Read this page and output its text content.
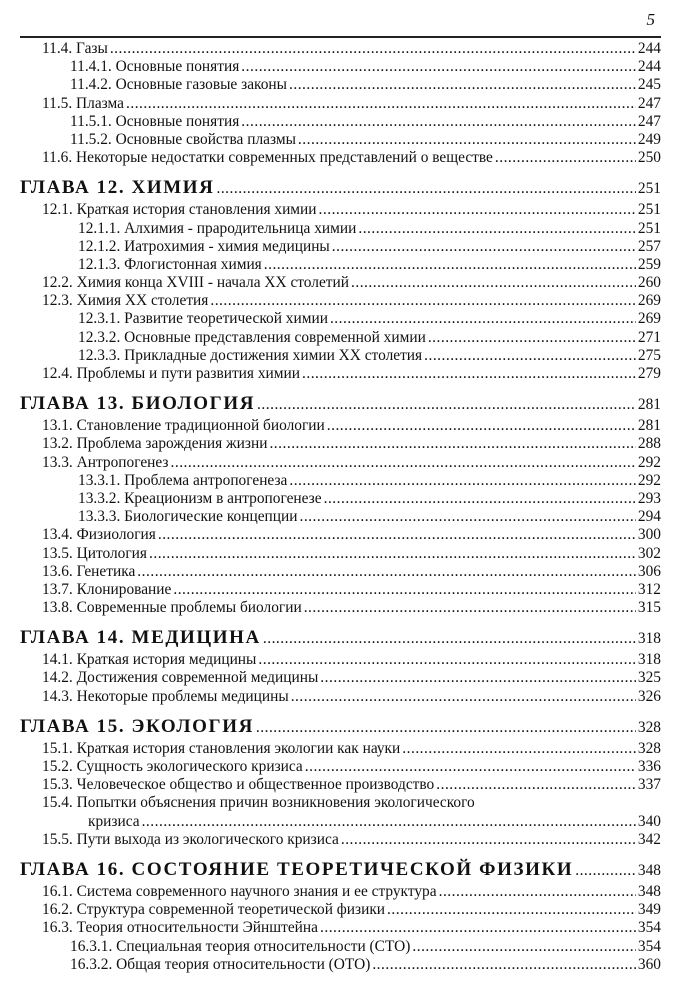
5
11.4. Газы .....	244
11.4.1. Основные понятия .....	244
11.4.2. Основные газовые законы .....	245
11.5. Плазма .....	247
11.5.1. Основные понятия .....	247
11.5.2. Основные свойства плазмы .....	249
11.6. Некоторые недостатки современных представлений о веществе .....	250
ГЛАВА 12. ХИМИЯ .....	251
12.1. Краткая история становления химии .....	251
12.1.1. Алхимия - прародительница химии .....	251
12.1.2. Иатрохимия - химия медицины .....	257
12.1.3. Флогистонная химия .....	259
12.2. Химия конца XVIII - начала XX столетий .....	260
12.3. Химия XX столетия .....	269
12.3.1. Развитие теоретической химии .....	269
12.3.2. Основные представления современной химии .....	271
12.3.3. Прикладные достижения химии XX столетия .....	275
12.4. Проблемы и пути развития химии .....	279
ГЛАВА 13. БИОЛОГИЯ .....	281
13.1. Становление традиционной биологии .....	281
13.2. Проблема зарождения жизни .....	288
13.3. Антропогенез .....	292
13.3.1. Проблема антропогенеза .....	292
13.3.2. Креационизм в антропогенезе .....	293
13.3.3. Биологические концепции .....	294
13.4. Физиология .....	300
13.5. Цитология .....	302
13.6. Генетика .....	306
13.7. Клонирование .....	312
13.8. Современные проблемы биологии .....	315
ГЛАВА 14. МЕДИЦИНА .....	318
14.1. Краткая история медицины .....	318
14.2. Достижения современной медицины .....	325
14.3. Некоторые проблемы медицины .....	326
ГЛАВА 15. ЭКОЛОГИЯ .....	328
15.1. Краткая история становления экологии как науки .....	328
15.2. Сущность экологического кризиса .....	336
15.3. Человеческое общество и общественное производство .....	337
15.4. Попытки объяснения причин возникновения экологического
кризиса .....	340
15.5. Пути выхода из экологического кризиса .....	342
ГЛАВА 16. СОСТОЯНИЕ ТЕОРЕТИЧЕСКОЙ ФИЗИКИ .....	348
16.1. Система современного научного знания и ее структура .....	348
16.2. Структура современной теоретической физики .....	349
16.3. Теория относительности Эйнштейна .....	354
16.3.1. Специальная теория относительности (СТО) .....	354
16.3.2. Общая теория относительности (ОТО) .....	360
